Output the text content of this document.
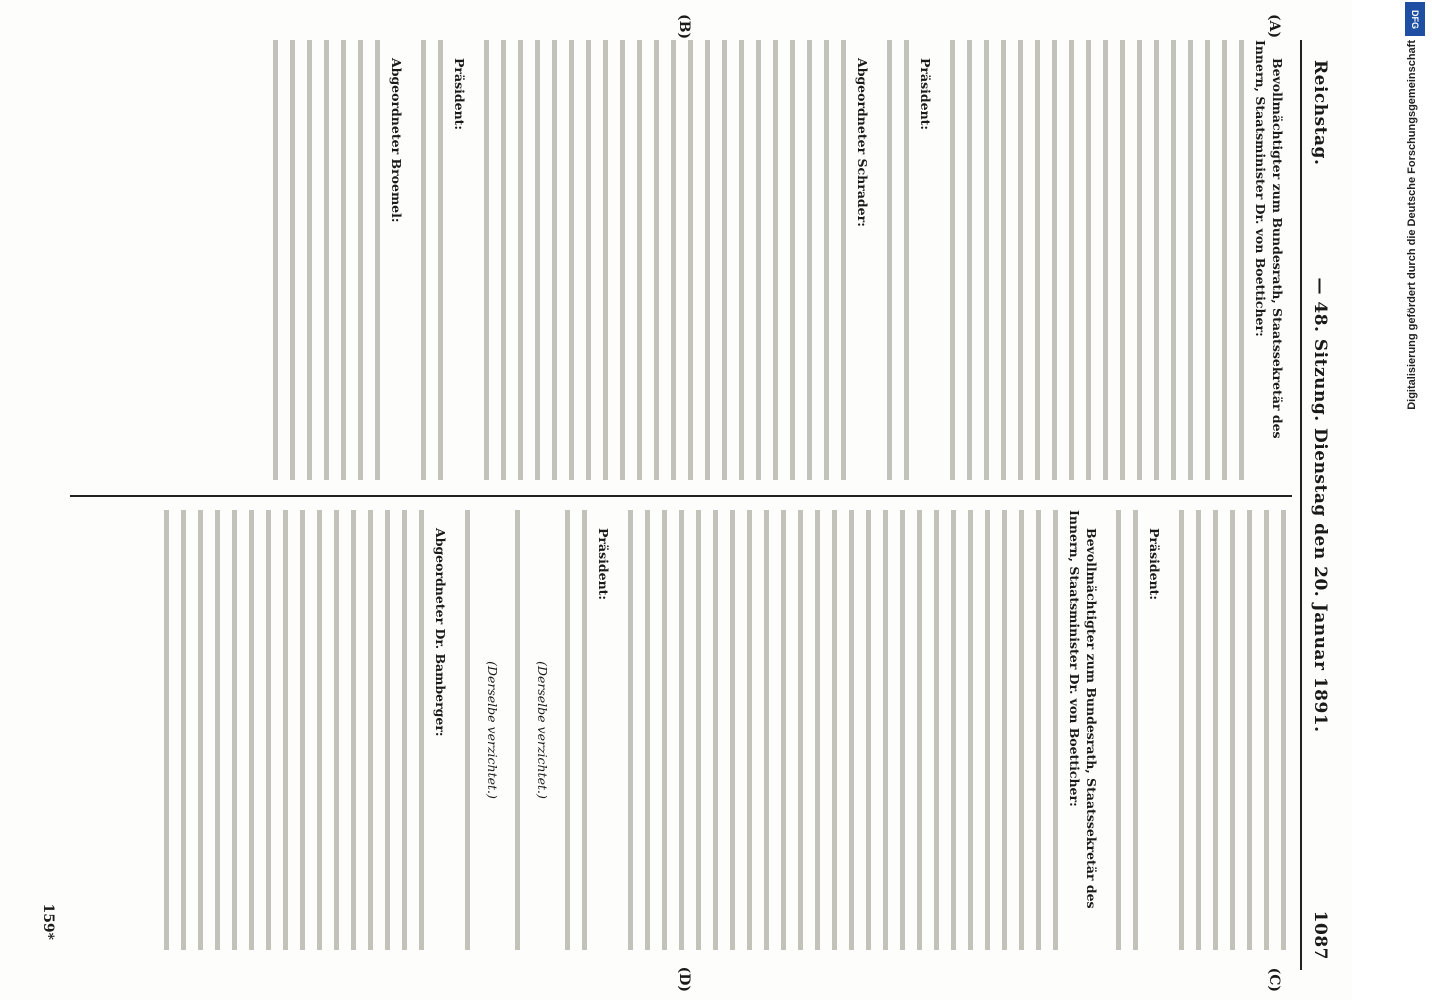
Reichstag.
— 48. Sitzung. Dienstag den 20. Januar 1891.
1087
(A)
(B)
(C)
(D)
Bevollmächtigter zum Bundesrath, Staatssekretär des Innern, Staatsminister Dr. von Boetticher:
Präsident:
Abgeordneter Schrader:
Präsident:
Abgeordneter Broemel:
Präsident:
Bevollmächtigter zum Bundesrath, Staatssekretär des Innern, Staatsminister Dr. von Boetticher:
Präsident:
(Derselbe verzichtet.)
(Derselbe verzichtet.)
Abgeordneter Dr. Bamberger:
159*
DFG
Digitalisierung gefördert durch die Deutsche Forschungsgemeinschaft
